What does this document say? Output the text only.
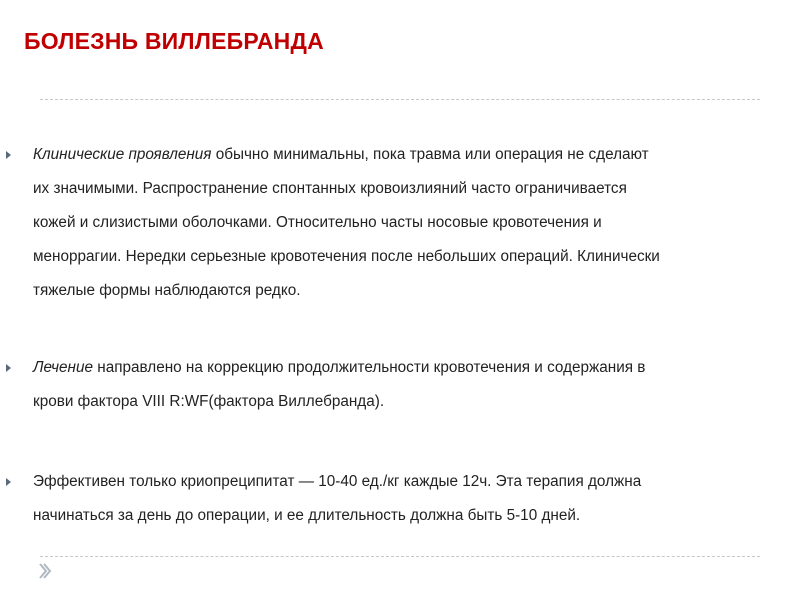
БОЛЕЗНЬ ВИЛЛЕБРАНДА
Клинические проявления обычно минимальны, пока травма или операция не сделают
их значимыми. Распространение спонтанных кровоизлияний часто ограничивается
кожей и слизистыми оболочками. Относительно часты носовые кровотечения и
меноррагии. Нередки серьезные кровотечения после небольших операций. Клинически
тяжелые формы наблюдаются редко.
Лечение направлено на коррекцию продолжительности кровотечения и содержания в
крови фактора VIII R:WF(фактора Виллебранда).
Эффективен только криопреципитат — 10-40 ед./кг каждые 12ч. Эта терапия должна
начинаться за день до операции, и ее длительность должна быть 5-10 дней.
